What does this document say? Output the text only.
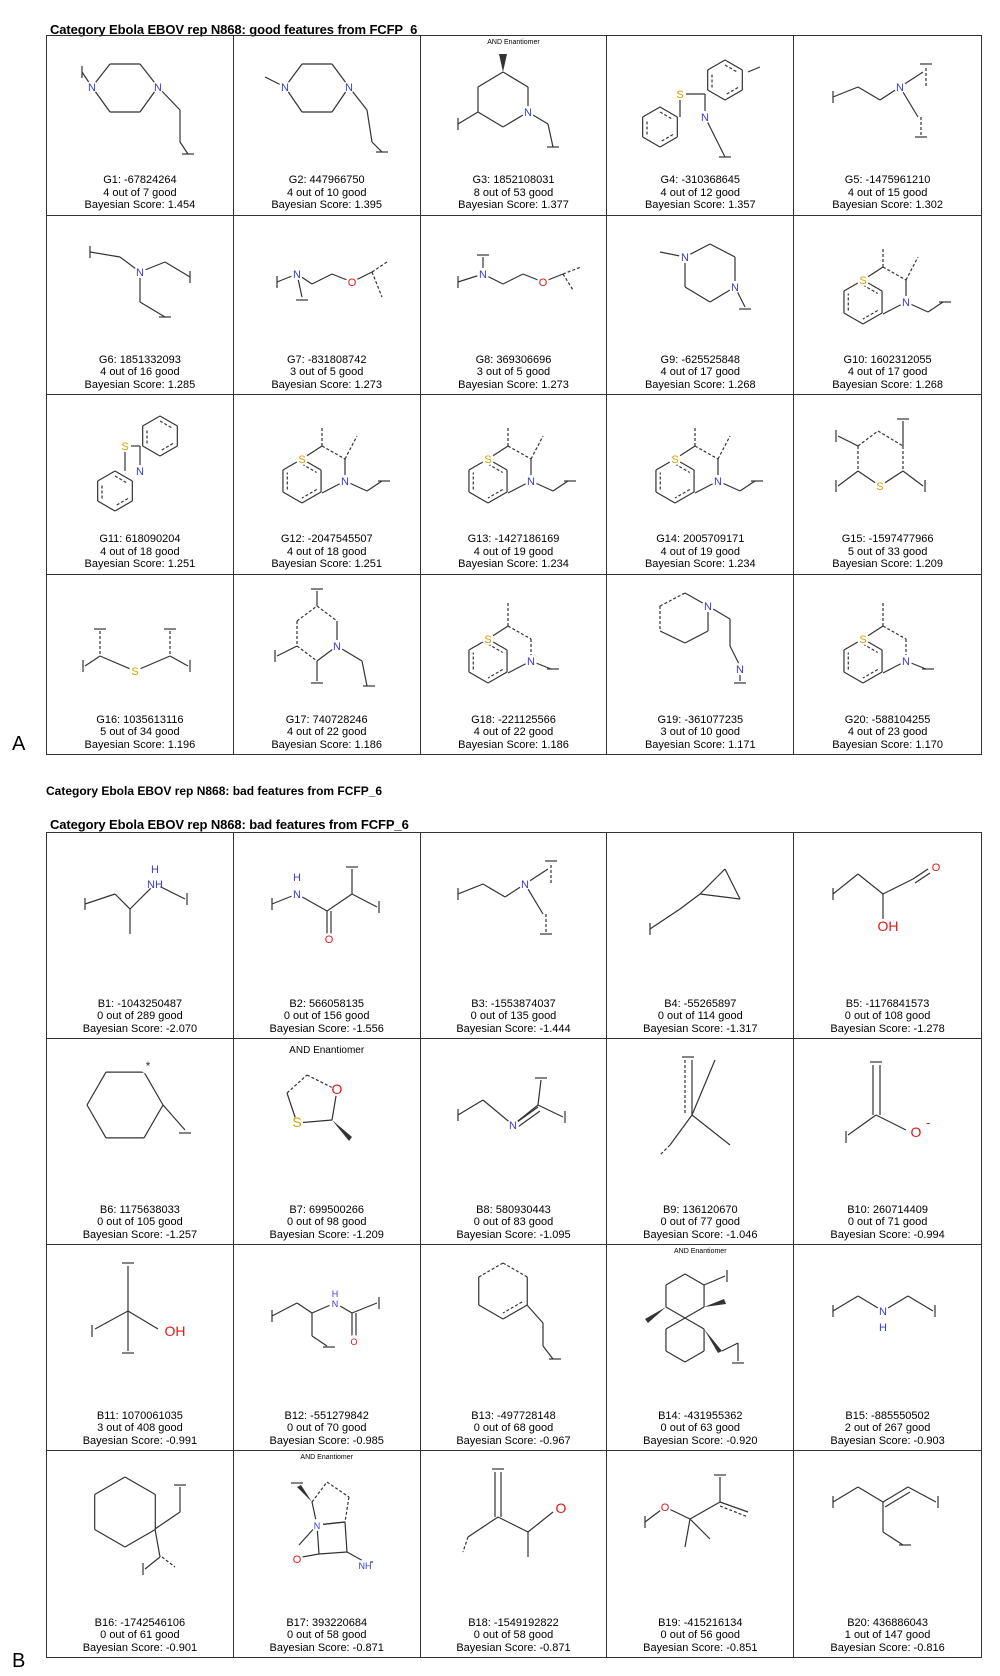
Category Ebola EBOV rep N868: good features from FCFP_6
N	N
G1: -67824264
4 out of 7 good
Bayesian Score: 1.454
N	N
G2: 447966750
4 out of 10 good
Bayesian Score: 1.395
AND Enantiomer
N
G3: 1852108031
8 out of 53 good
Bayesian Score: 1.377
S
N
G4: -310368645
4 out of 12 good
Bayesian Score: 1.357
N
G5: -1475961210
4 out of 15 good
Bayesian Score: 1.302
N
G6: 1851332093
4 out of 16 good
Bayesian Score: 1.285
N
O
G7: -831808742
3 out of 5 good
Bayesian Score: 1.273
N
O
G8: 369306696
3 out of 5 good
Bayesian Score: 1.273
N
N
G9: -625525848
4 out of 17 good
Bayesian Score: 1.268
S
N
G10: 1602312055
4 out of 17 good
Bayesian Score: 1.268
S
N
G11: 618090204
4 out of 18 good
Bayesian Score: 1.251
S
N
G12: -2047545507
4 out of 18 good
Bayesian Score: 1.251
S
N
G13: -1427186169
4 out of 19 good
Bayesian Score: 1.234
S
N
G14: 2005709171
4 out of 19 good
Bayesian Score: 1.234
S
G15: -1597477966
5 out of 33 good
Bayesian Score: 1.209
S
G16: 1035613116
5 out of 34 good
Bayesian Score: 1.196
N
G17: 740728246
4 out of 22 good
Bayesian Score: 1.186
S
N
G18: -221125566
4 out of 22 good
Bayesian Score: 1.186
N
N
G19: -361077235
3 out of 10 good
Bayesian Score: 1.171
S
N
G20: -588104255
4 out of 23 good
Bayesian Score: 1.170
A
Category Ebola EBOV rep N868: bad features from FCFP_6
Category Ebola EBOV rep N868: bad features from FCFP_6
NH
H
B1: -1043250487
0 out of 289 good
Bayesian Score: -2.070
N
H
O
B2: 566058135
0 out of 156 good
Bayesian Score: -1.556
N
B3: -1553874037
0 out of 135 good
Bayesian Score: -1.444
B4: -55265897
0 out of 114 good
Bayesian Score: -1.317
O
OH
B5: -1176841573
0 out of 108 good
Bayesian Score: -1.278
*
B6: 1175638033
0 out of 105 good
Bayesian Score: -1.257
AND Enantiomer
O
S
B7: 699500266
0 out of 98 good
Bayesian Score: -1.209
N
B8: 580930443
0 out of 83 good
Bayesian Score: -1.095
B9: 136120670
0 out of 77 good
Bayesian Score: -1.046
O
-
B10: 260714409
0 out of 71 good
Bayesian Score: -0.994
OH
B11: 1070061035
3 out of 408 good
Bayesian Score: -0.991
N
H
O
B12: -551279842
0 out of 70 good
Bayesian Score: -0.985
B13: -497728148
0 out of 68 good
Bayesian Score: -0.967
AND Enantiomer
B14: -431955362
0 out of 63 good
Bayesian Score: -0.920
N
H
B15: -885550502
2 out of 267 good
Bayesian Score: -0.903
B16: -1742546106
0 out of 61 good
Bayesian Score: -0.901
AND Enantiomer
N
O	NH
B17: 393220684
0 out of 58 good
Bayesian Score: -0.871
O
B18: -1549192822
0 out of 58 good
Bayesian Score: -0.871
O
B19: -415216134
0 out of 56 good
Bayesian Score: -0.851
B20: 436886043
1 out of 147 good
Bayesian Score: -0.816
B
